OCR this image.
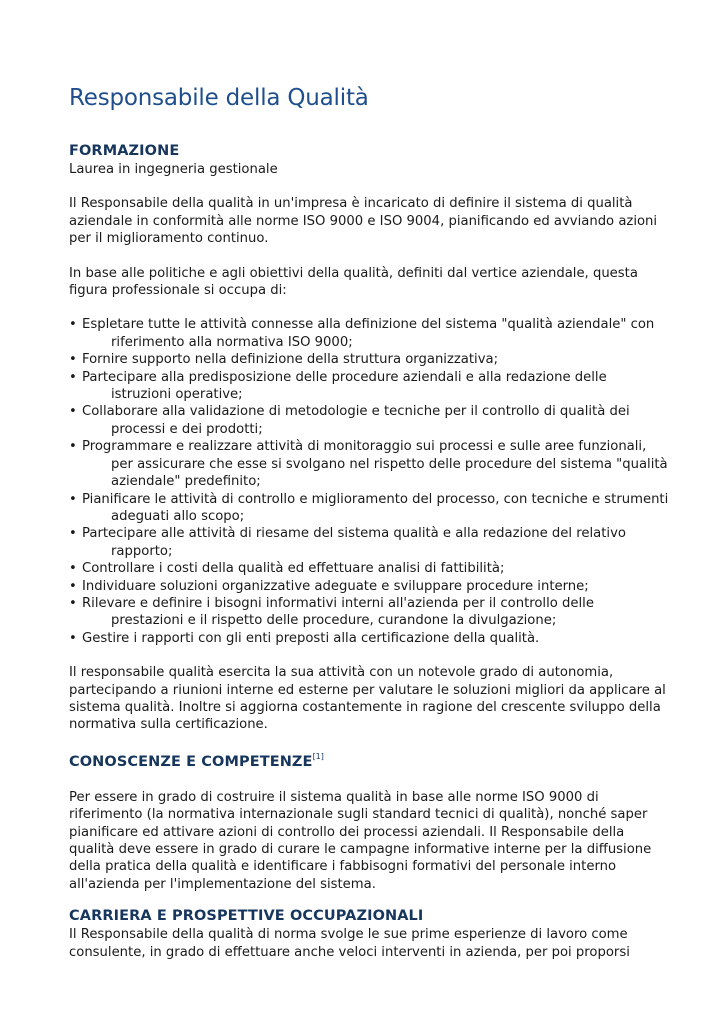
Responsabile della Qualità
FORMAZIONE

Laurea in ingegneria gestionale

Il Responsabile della qualità in un'impresa è incaricato di definire il sistema di qualità aziendale in conformità alle norme ISO 9000 e ISO 9004, pianificando ed avviando azioni per il miglioramento continuo.

In base alle politiche e agli obiettivi della qualità, definiti dal vertice aziendale, questa figura professionale si occupa di:

• Espletare tutte le attività connesse alla definizione del sistema "qualità aziendale" con riferimento alla normativa ISO 9000;
• Fornire supporto nella definizione della struttura organizzativa;
• Partecipare alla predisposizione delle procedure aziendali e alla redazione delle istruzioni operative;
• Collaborare alla validazione di metodologie e tecniche per il controllo di qualità dei processi e dei prodotti;
• Programmare e realizzare attività di monitoraggio sui processi e sulle aree funzionali, per assicurare che esse si svolgano nel rispetto delle procedure del sistema "qualità aziendale" predefinito;
• Pianificare le attività di controllo e miglioramento del processo, con tecniche e strumenti adeguati allo scopo;
• Partecipare alle attività di riesame del sistema qualità e alla redazione del relativo rapporto;
• Controllare i costi della qualità ed effettuare analisi di fattibilità;
• Individuare soluzioni organizzative adeguate e sviluppare procedure interne;
• Rilevare e definire i bisogni informativi interni all'azienda per il controllo delle prestazioni e il rispetto delle procedure, curandone la divulgazione;
• Gestire i rapporti con gli enti preposti alla certificazione della qualità.

Il responsabile qualità esercita la sua attività con un notevole grado di autonomia, partecipando a riunioni interne ed esterne per valutare le soluzioni migliori da applicare al sistema qualità. Inoltre si aggiorna costantemente in ragione del crescente sviluppo della normativa sulla certificazione.

CONOSCENZE E COMPETENZE[1]

Per essere in grado di costruire il sistema qualità in base alle norme ISO 9000 di riferimento (la normativa internazionale sugli standard tecnici di qualità), nonché saper pianificare ed attivare azioni di controllo dei processi aziendali. Il Responsabile della qualità deve essere in grado di curare le campagne informative interne per la diffusione della pratica della qualità e identificare i fabbisogni formativi del personale interno all'azienda per l'implementazione del sistema.

CARRIERA E PROSPETTIVE OCCUPAZIONALI

Il Responsabile della qualità di norma svolge le sue prime esperienze di lavoro come consulente, in grado di effettuare anche veloci interventi in azienda, per poi proporsi
